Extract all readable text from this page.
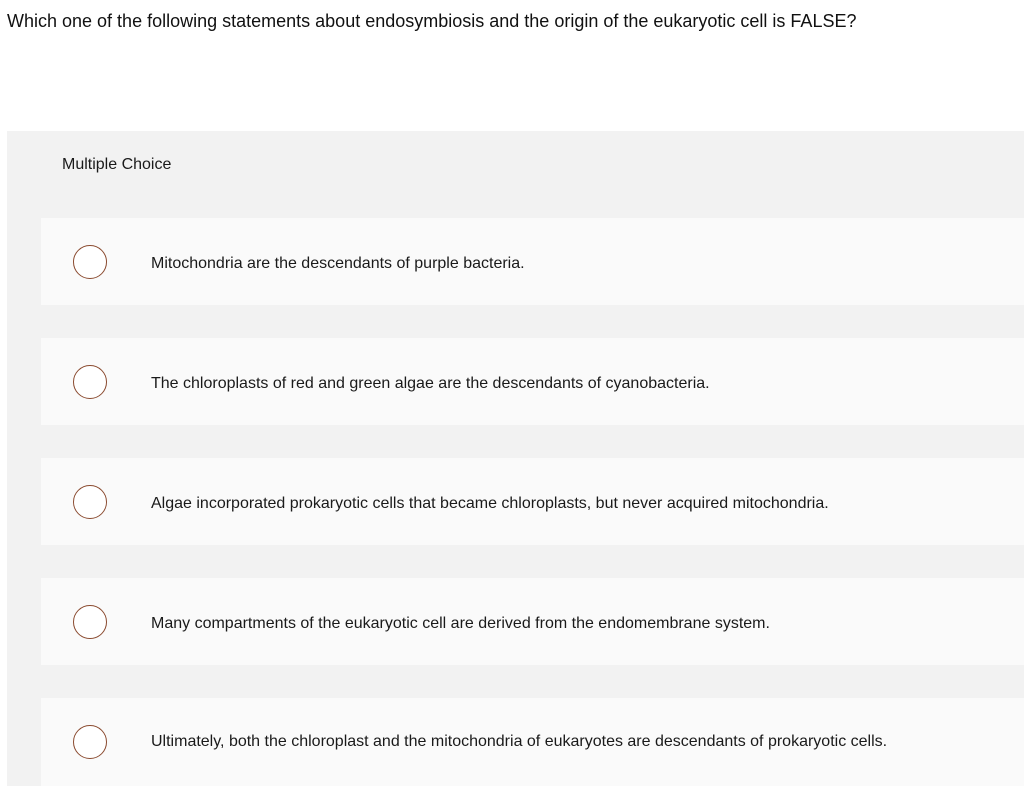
Which one of the following statements about endosymbiosis and the origin of the eukaryotic cell is FALSE?
Multiple Choice
Mitochondria are the descendants of purple bacteria.
The chloroplasts of red and green algae are the descendants of cyanobacteria.
Algae incorporated prokaryotic cells that became chloroplasts, but never acquired mitochondria.
Many compartments of the eukaryotic cell are derived from the endomembrane system.
Ultimately, both the chloroplast and the mitochondria of eukaryotes are descendants of prokaryotic cells.
